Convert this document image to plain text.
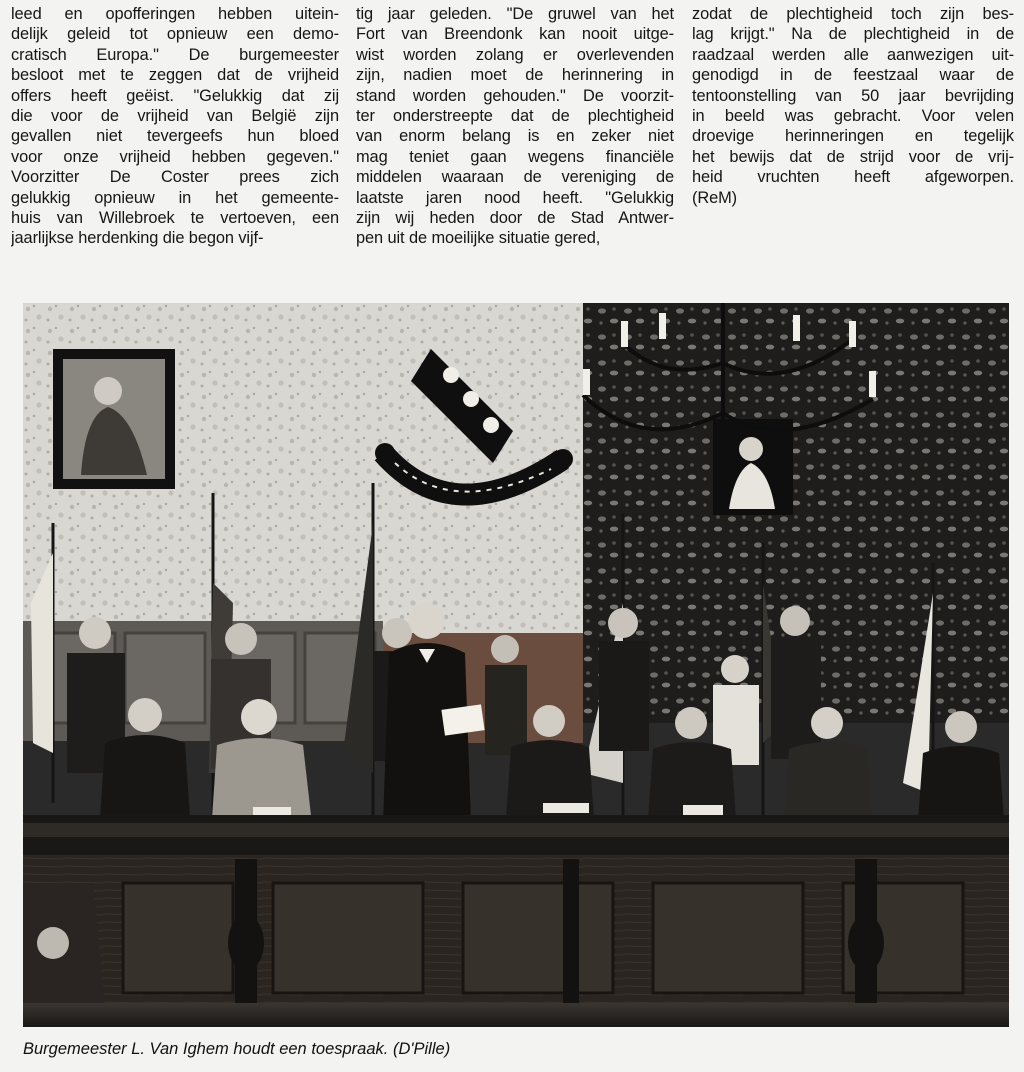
leed en opofferingen hebben uitein-
delijk geleid tot opnieuw een demo-
cratisch Europa." De burgemeester
besloot met te zeggen dat de vrijheid
offers heeft geëist. "Gelukkig dat zij
die voor de vrijheid van België zijn
gevallen niet tevergeefs hun bloed
voor onze vrijheid hebben gegeven."
Voorzitter De Coster prees zich
gelukkig opnieuw in het gemeente-
huis van Willebroek te vertoeven, een
jaarlijkse herdenking die begon vijf-
tig jaar geleden. "De gruwel van het
Fort van Breendonk kan nooit uitge-
wist worden zolang er overlevenden
zijn, nadien moet de herinnering in
stand worden gehouden." De voorzit-
ter onderstreepte dat de plechtigheid
van enorm belang is en zeker niet
mag teniet gaan wegens financiële
middelen waaraan de vereniging de
laatste jaren nood heeft. "Gelukkig
zijn wij heden door de Stad Antwer-
pen uit de moeilijke situatie gered,
zodat de plechtigheid toch zijn bes-
lag krijgt." Na de plechtigheid in de
raadzaal werden alle aanwezigen uit-
genodigd in de feestzaal waar de
tentoonstelling van 50 jaar bevrijding
in beeld was gebracht. Voor velen
droevige herinneringen en tegelijk
het bewijs dat de strijd voor de vrij-
heid vruchten heeft afgeworpen.
(ReM)
Burgemeester L. Van Ighem houdt een toespraak. (D'Pille)
